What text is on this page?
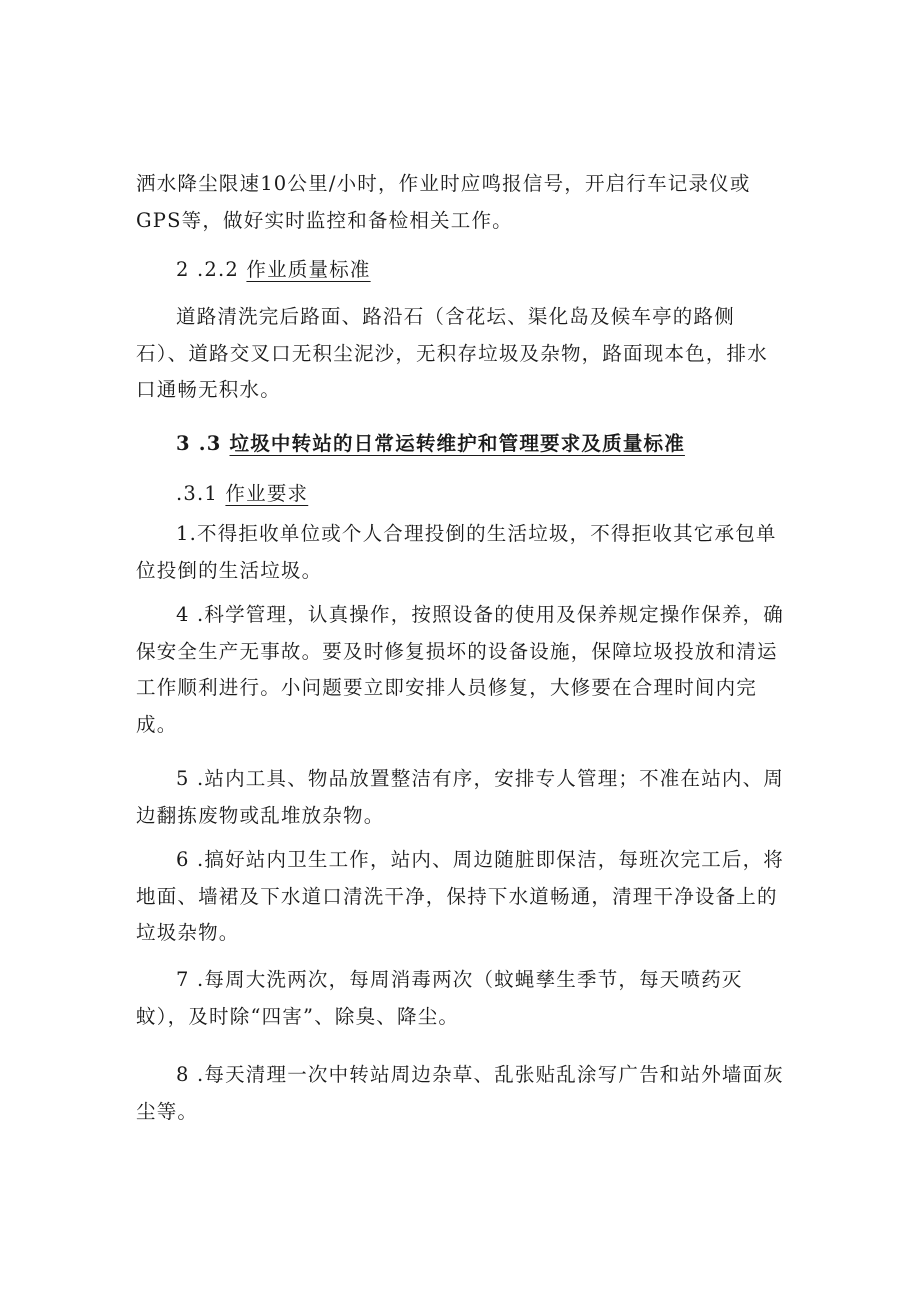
洒水降尘限速10公里/小时，作业时应鸣报信号，开启行车记录仪或GPS等，做好实时监控和备检相关工作。
2 .2.2 作业质量标准
道路清洗完后路面、路沿石（含花坛、渠化岛及候车亭的路侧石）、道路交叉口无积尘泥沙，无积存垃圾及杂物，路面现本色，排水口通畅无积水。
3 .3 垃圾中转站的日常运转维护和管理要求及质量标准
.3.1 作业要求
1.不得拒收单位或个人合理投倒的生活垃圾，不得拒收其它承包单位投倒的生活垃圾。
4 .科学管理，认真操作，按照设备的使用及保养规定操作保养，确保安全生产无事故。要及时修复损坏的设备设施，保障垃圾投放和清运工作顺利进行。小问题要立即安排人员修复，大修要在合理时间内完成。
5 .站内工具、物品放置整洁有序，安排专人管理；不准在站内、周边翻拣废物或乱堆放杂物。
6 .搞好站内卫生工作，站内、周边随脏即保洁，每班次完工后，将地面、墙裙及下水道口清洗干净，保持下水道畅通，清理干净设备上的垃圾杂物。
7 .每周大洗两次，每周消毒两次（蚊蝇孳生季节，每天喷药灭蚊），及时除“四害”、除臭、降尘。
8 .每天清理一次中转站周边杂草、乱张贴乱涂写广告和站外墙面灰尘等。
